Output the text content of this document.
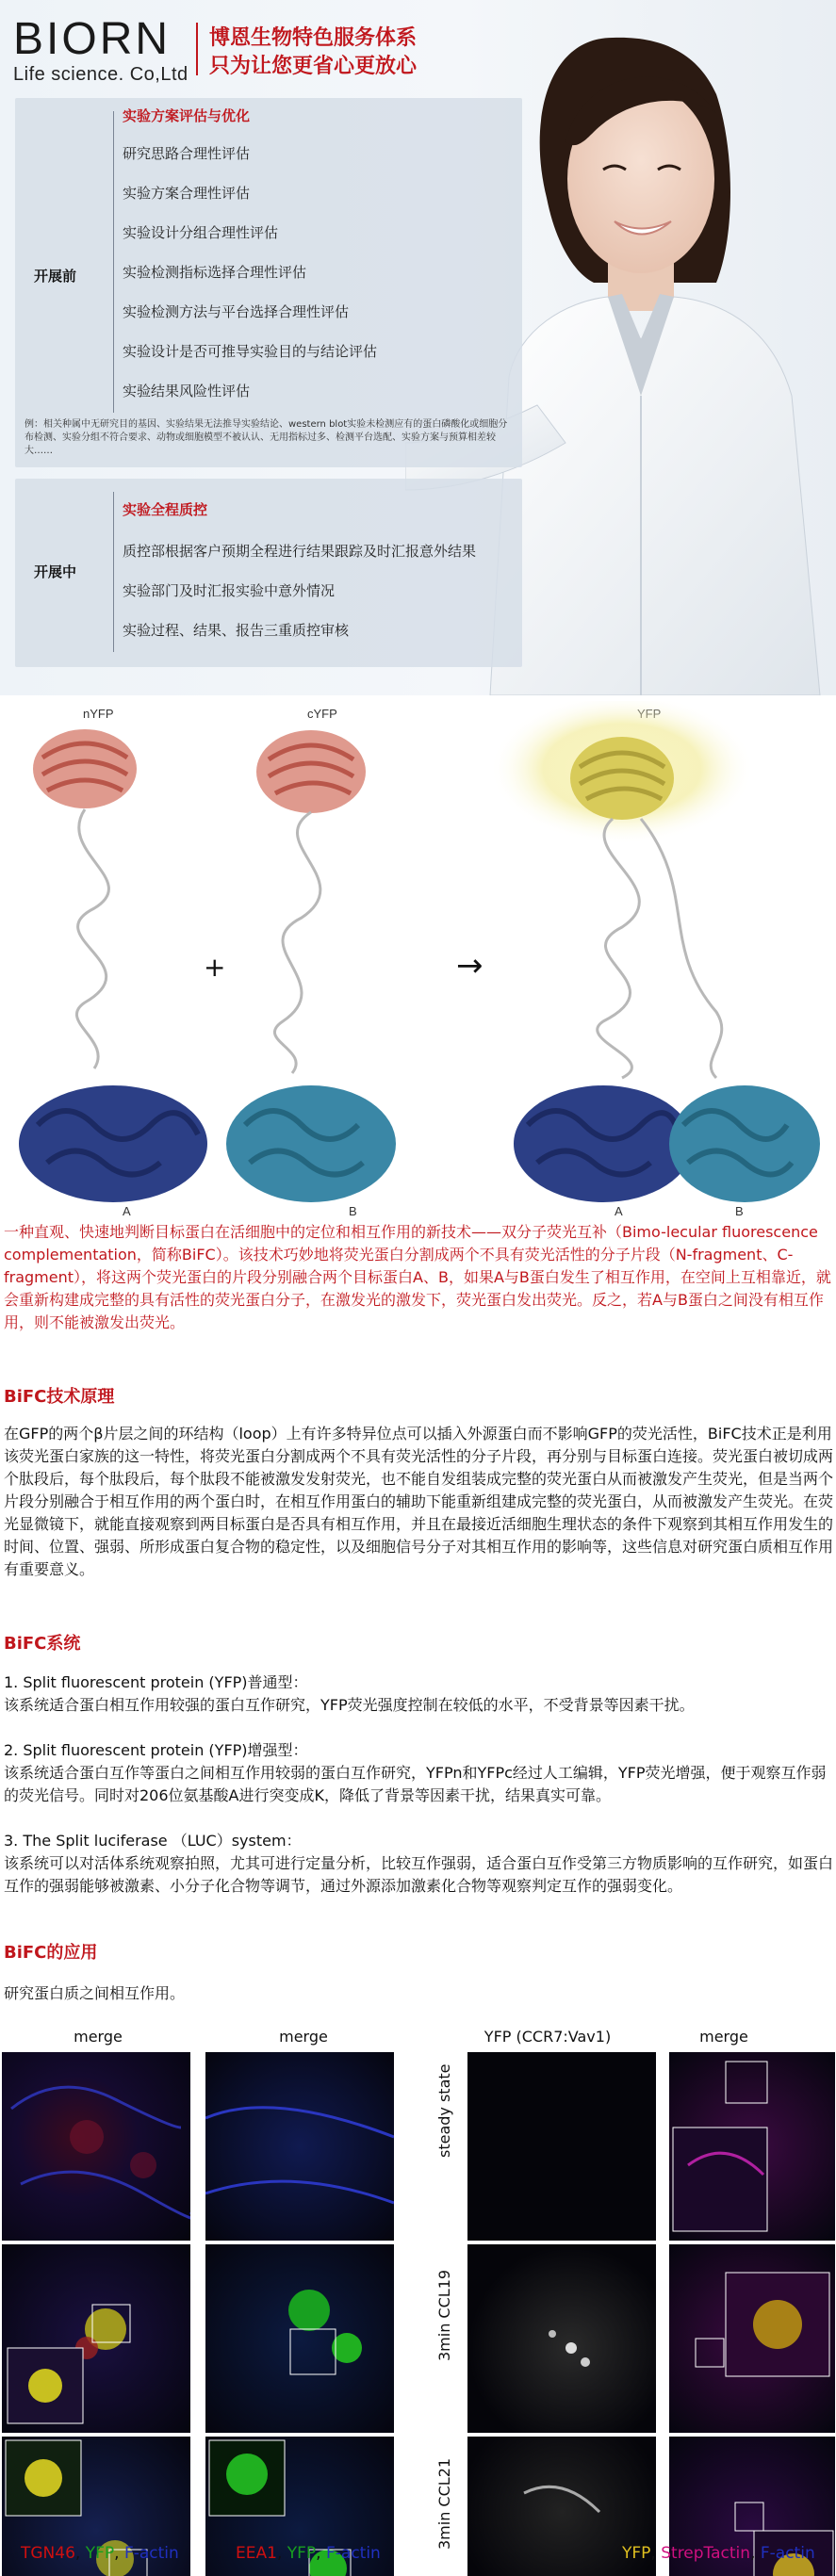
BIORN
Life science. Co,Ltd
博恩生物特色服务体系
只为让您更省心更放心
开展前
实验方案评估与优化
研究思路合理性评估
实验方案合理性评估
实验设计分组合理性评估
实验检测指标选择合理性评估
实验检测方法与平台选择合理性评估
实验设计是否可推导实验目的与结论评估
实验结果风险性评估
例：相关种属中无研究目的基因、实验结果无法推导实验结论、western blot实验未检测应有的蛋白磷酸化或细胞分布检测、实验分组不符合要求、动物或细胞模型不被认认、无用指标过多、检测平台选配、实验方案与预算相差较大……
开展中
实验全程质控
质控部根据客户预期全程进行结果跟踪及时汇报意外结果
实验部门及时汇报实验中意外情况
实验过程、结果、报告三重质控审核
nYFP	cYFP
+	→
A	B	A	B
一种直观、快速地判断目标蛋白在活细胞中的定位和相互作用的新技术——双分子荧光互补（Bimo-lecular fluorescence complementation，简称BiFC）。该技术巧妙地将荧光蛋白分割成两个不具有荧光活性的分子片段（N-fragment、C-fragment），将这两个荧光蛋白的片段分别融合两个目标蛋白A、B，如果A与B蛋白发生了相互作用，在空间上互相靠近，就会重新构建成完整的具有活性的荧光蛋白分子，在激发光的激发下，荧光蛋白发出荧光。反之，若A与B蛋白之间没有相互作用，则不能被激发出荧光。
BiFC技术原理
在GFP的两个β片层之间的环结构（loop）上有许多特异位点可以插入外源蛋白而不影响GFP的荧光活性，BiFC技术正是利用该荧光蛋白家族的这一特性，将荧光蛋白分割成两个不具有荧光活性的分子片段，再分别与目标蛋白连接。荧光蛋白被切成两个肽段后，每个肽段后，每个肽段不能被激发发射荧光，也不能自发组装成完整的荧光蛋白从而被激发产生荧光，但是当两个片段分别融合于相互作用的两个蛋白时，在相互作用蛋白的辅助下能重新组建成完整的荧光蛋白，从而被激发产生荧光。在荧光显微镜下，就能直接观察到两目标蛋白是否具有相互作用，并且在最接近活细胞生理状态的条件下观察到其相互作用发生的时间、位置、强弱、所形成蛋白复合物的稳定性，以及细胞信号分子对其相互作用的影响等，这些信息对研究蛋白质相互作用有重要意义。
BiFC系统
1. Split fluorescent protein (YFP)普通型：
该系统适合蛋白相互作用较强的蛋白互作研究，YFP荧光强度控制在较低的水平，不受背景等因素干扰。
2. Split fluorescent protein (YFP)增强型：
该系统适合蛋白互作等蛋白之间相互作用较弱的蛋白互作研究，YFPn和YFPc经过人工编辑，YFP荧光增强，便于观察互作弱的荧光信号。同时对206位氨基酸A进行突变成K，降低了背景等因素干扰，结果真实可靠。
3. The Split luciferase （LUC）system：
该系统可以对活体系统观察拍照，尤其可进行定量分析，比较互作强弱，适合蛋白互作受第三方物质影响的互作研究，如蛋白互作的强弱能够被激素、小分子化合物等调节，通过外源添加激素化合物等观察判定互作的强弱变化。
BiFC的应用
研究蛋白质之间相互作用。
merge	merge	YFP (CCR7:Vav1)	merge
steady state
3min CCL19
3min CCL21
TGN46, YFP, F-actin	EEA1, YFP, F-actin	YFP, StrepTactin, F-actin
